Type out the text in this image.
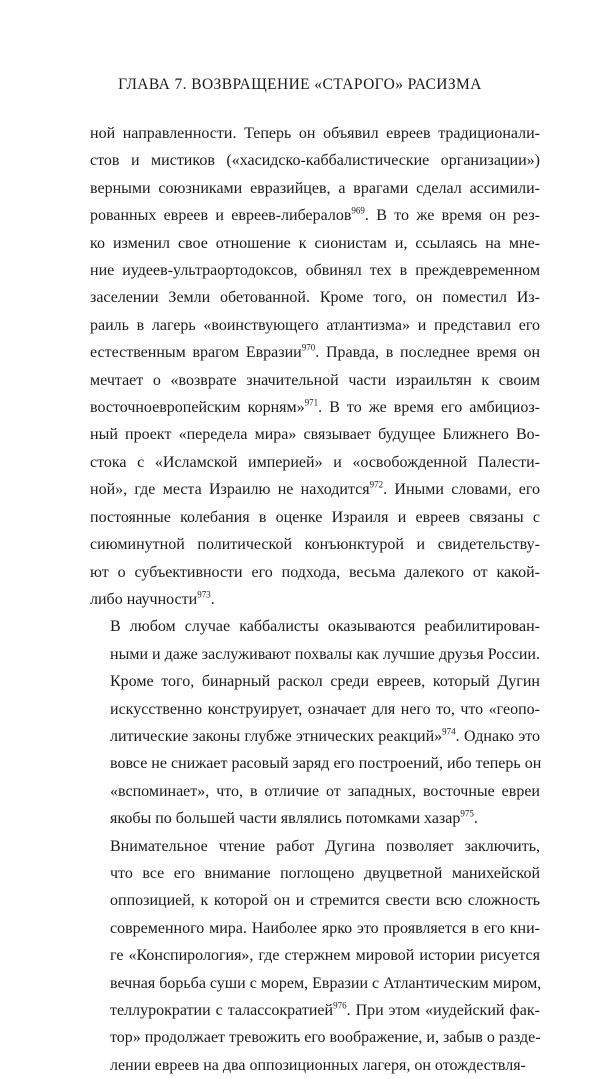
ГЛАВА 7. ВОЗВРАЩЕНИЕ «СТАРОГО» РАСИЗМА
ной направленности. Теперь он объявил евреев традиционали-
стов и мистиков («хасидско-каббалистические организации»)
верными союзниками евразийцев, а врагами сделал ассимили-
рованных евреев и евреев-либералов$^{969}$. В то же время он рез-
ко изменил свое отношение к сионистам и, ссылаясь на мне-
ние иудеев-ультраортодоксов, обвинял тех в преждевременном
заселении Земли обетованной. Кроме того, он поместил Из-
раиль в лагерь «воинствующего атлантизма» и представил его
естественным врагом Евразии$^{970}$. Правда, в последнее время он
мечтает о «возврате значительной части израильтян к своим
восточноевропейским корням»$^{971}$. В то же время его амбициоз-
ный проект «передела мира» связывает будущее Ближнего Во-
стока с «Исламской империей» и «освобожденной Палести-
ной», где места Израилю не находится$^{972}$. Иными словами, его
постоянные колебания в оценке Израиля и евреев связаны с
сиюминутной политической конъюнктурой и свидетельству-
ют о субъективности его подхода, весьма далекого от какой-
либо научности$^{973}$.
В любом случае каббалисты оказываются реабилитирован-
ными и даже заслуживают похвалы как лучшие друзья России.
Кроме того, бинарный раскол среди евреев, который Дугин
искусственно конструирует, означает для него то, что «геопо-
литические законы глубже этнических реакций»$^{974}$. Однако это
вовсе не снижает расовый заряд его построений, ибо теперь он
«вспоминает», что, в отличие от западных, восточные евреи
якобы по большей части являлись потомками хазар$^{975}$.
Внимательное чтение работ Дугина позволяет заключить,
что все его внимание поглощено двуцветной манихейской
оппозицией, к которой он и стремится свести всю сложность
современного мира. Наиболее ярко это проявляется в его кни-
ге «Конспирология», где стержнем мировой истории рисуется
вечная борьба суши с морем, Евразии с Атлантическим миром,
теллурократии с талассократией$^{976}$. При этом «иудейский фак-
тор» продолжает тревожить его воображение, и, забыв о разде-
лении евреев на два оппозиционных лагеря, он отождествля-
